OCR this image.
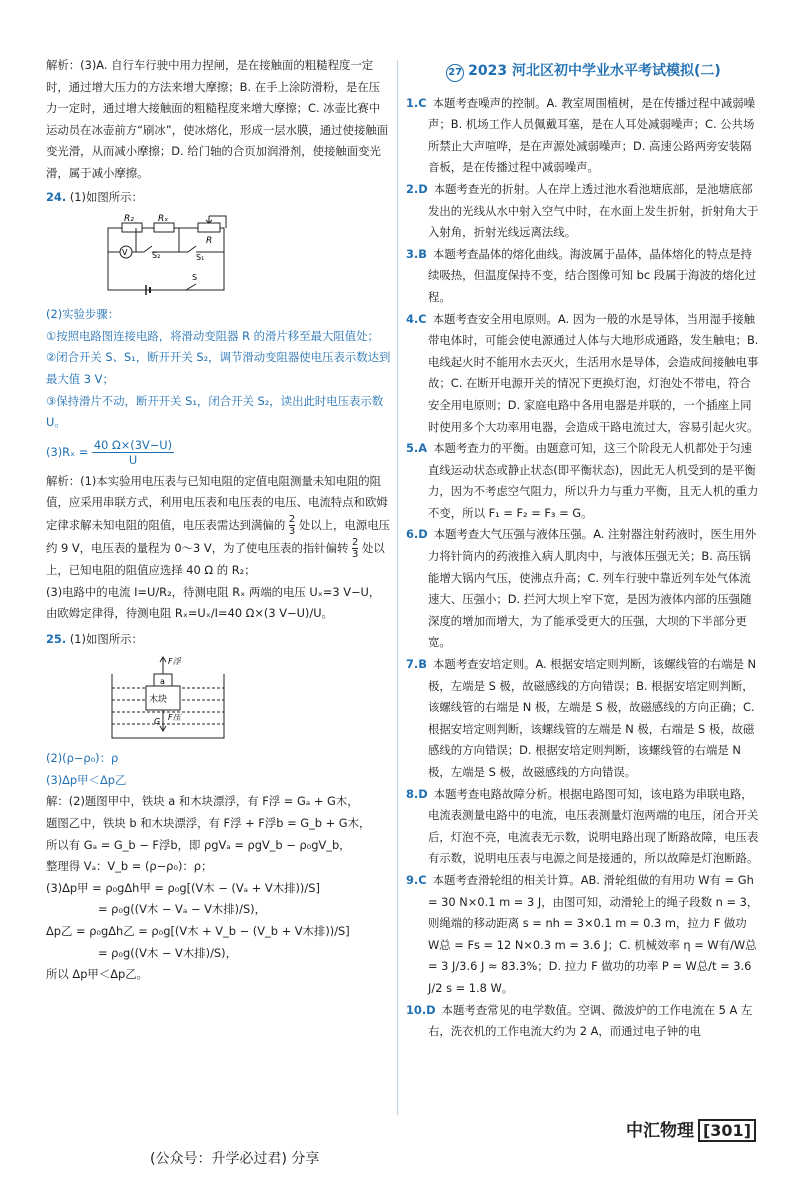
解析：(3)A. 自行车行驶中用力捏闸，是在接触面的粗糙程度一定时，通过增大压力的方法来增大摩擦；B. 在手上涂防滑粉，是在压力一定时，通过增大接触面的粗糙程度来增大摩擦；C. 冰壶比赛中运动员在冰壶前方“刷冰”，使冰熔化，形成一层水膜，通过使接触面变光滑，从而减小摩擦；D. 给门轴的合页加润滑剂，使接触面变光滑，属于减小摩擦。

24. (1)如图所示：

R₂	Rₓ
R
V	S₂	S₁
S

(2)实验步骤：

①按照电路图连接电路，将滑动变阻器 R 的滑片移至最大阻值处；

②闭合开关 S、S₁，断开开关 S₂，调节滑动变阻器使电压表示数达到最大值 3 V；

③保持滑片不动，断开开关 S₁，闭合开关 S₂，读出此时电压表示数 U。

$(3)R_x = \frac{40 \Omega\times(3V-U)}{U}$

解析：(1)本实验用电压表与已知电阻的定值电阻测量未知电阻的阻值，应采用串联方式，利用电压表和电压表的电压、电流特点和欧姆定律求解未知电阻的阻值，电压表需达到满偏的 $\frac{2}{3}$ 处以上，电源电压约 9 V，电压表的量程为 0～3 V，为了使电压表的指针偏转 $\frac{2}{3}$ 处以上，已知电阻的阻值应选择 40 Ω 的 R₂；

(3)电路中的电流 I=U/R₂，待测电阻 Rₓ 两端的电压 Uₓ=3 V−U，由欧姆定律得，待测电阻 Rₓ=Uₓ/I=40 Ω×(3 V−U)/U。

25. (1)如图所示：

F浮
a
木块
G F压

(2)(ρ−ρ₀)：ρ

(3)Δp甲＜Δp乙

解：(2)题图甲中，铁块 a 和木块漂浮，有 F浮 = Gₐ + G木，

题图乙中，铁块 b 和木块漂浮，有 F浮 + F浮b = G_b + G木，

所以有 Gₐ = G_b − F浮b，即 ρgVₐ = ρgV_b − ρ₀gV_b，

整理得 Vₐ：V_b = (ρ−ρ₀)：ρ；

(3)Δp甲 = ρ₀gΔh甲 = ρ₀g[(V木 − (Vₐ + V木排))/S]

= ρ₀g((V木 − Vₐ − V木排)/S)，

Δp乙 = ρ₀gΔh乙 = ρ₀g[(V木 + V_b − (V_b + V木排))/S]

= ρ₀g((V木 − V木排)/S)，

所以 Δp甲＜Δp乙。

27 2023 河北区初中学业水平考试模拟(二)

1.C 本题考查噪声的控制。A. 教室周围植树，是在传播过程中减弱噪声；B. 机场工作人员佩戴耳塞，是在人耳处减弱噪声；C. 公共场所禁止大声喧哗，是在声源处减弱噪声；D. 高速公路两旁安装隔音板，是在传播过程中减弱噪声。

2.D 本题考查光的折射。人在岸上透过池水看池塘底部，是池塘底部发出的光线从水中射入空气中时，在水面上发生折射，折射角大于入射角，折射光线远离法线。

3.B 本题考查晶体的熔化曲线。海波属于晶体，晶体熔化的特点是持续吸热，但温度保持不变，结合图像可知 bc 段属于海波的熔化过程。

4.C 本题考查安全用电原则。A. 因为一般的水是导体，当用湿手接触带电体时，可能会使电源通过人体与大地形成通路，发生触电；B. 电线起火时不能用水去灭火，生活用水是导体，会造成间接触电事故；C. 在断开电源开关的情况下更换灯泡，灯泡处不带电，符合安全用电原则；D. 家庭电路中各用电器是并联的，一个插座上同时使用多个大功率用电器，会造成干路电流过大，容易引起火灾。

5.A 本题考查力的平衡。由题意可知，这三个阶段无人机都处于匀速直线运动状态或静止状态(即平衡状态)，因此无人机受到的是平衡力，因为不考虑空气阻力，所以升力与重力平衡，且无人机的重力不变，所以 F₁ = F₂ = F₃ = G。

6.D 本题考查大气压强与液体压强。A. 注射器注射药液时，医生用外力将针筒内的药液推入病人肌肉中，与液体压强无关；B. 高压锅能增大锅内气压，使沸点升高；C. 列车行驶中靠近列车处气体流速大、压强小；D. 拦河大坝上窄下宽，是因为液体内部的压强随深度的增加而增大，为了能承受更大的压强，大坝的下半部分更宽。

7.B 本题考查安培定则。A. 根据安培定则判断，该螺线管的右端是 N 极，左端是 S 极，故磁感线的方向错误；B. 根据安培定则判断，该螺线管的右端是 N 极，左端是 S 极，故磁感线的方向正确；C. 根据安培定则判断，该螺线管的左端是 N 极，右端是 S 极，故磁感线的方向错误；D. 根据安培定则判断，该螺线管的右端是 N 极，左端是 S 极，故磁感线的方向错误。

8.D 本题考查电路故障分析。根据电路图可知，该电路为串联电路，电流表测量电路中的电流，电压表测量灯泡两端的电压，闭合开关后，灯泡不亮，电流表无示数，说明电路出现了断路故障，电压表有示数，说明电压表与电源之间是接通的，所以故障是灯泡断路。

9.C 本题考查滑轮组的相关计算。AB. 滑轮组做的有用功 W有 = Gh = 30 N×0.1 m = 3 J，由图可知，动滑轮上的绳子段数 n = 3，则绳端的移动距离 s = nh = 3×0.1 m = 0.3 m，拉力 F 做功 W总 = Fs = 12 N×0.3 m = 3.6 J；C. 机械效率 η = W有/W总 = 3 J/3.6 J ≈ 83.3%；D. 拉力 F 做功的功率 P = W总/t = 3.6 J/2 s = 1.8 W。

10.D 本题考查常见的电学数值。空调、微波炉的工作电流在 5 A 左右，洗衣机的工作电流大约为 2 A，而通过电子钟的电

中汇物理 [301]
(公众号：升学必过君) 分享
